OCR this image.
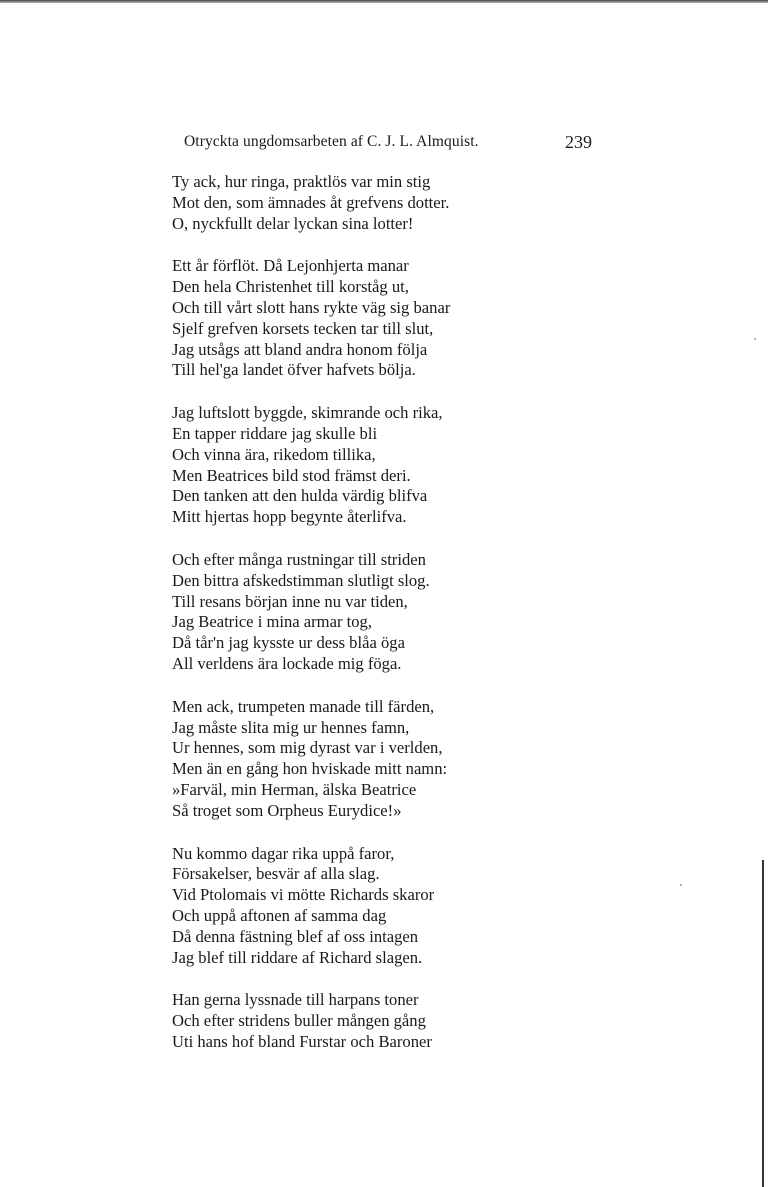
Otryckta ungdomsarbeten af C. J. L. Almquist.	239
Ty ack, hur ringa, praktlös var min stig
Mot den, som ämnades åt grefvens dotter.
O, nyckfullt delar lyckan sina lotter!
Ett år förflöt. Då Lejonhjerta manar
Den hela Christenhet till korståg ut,
Och till vårt slott hans rykte väg sig banar
Sjelf grefven korsets tecken tar till slut,
Jag utsågs att bland andra honom följa
Till hel'ga landet öfver hafvets bölja.
Jag luftslott byggde, skimrande och rika,
En tapper riddare jag skulle bli
Och vinna ära, rikedom tillika,
Men Beatrices bild stod främst deri.
Den tanken att den hulda värdig blifva
Mitt hjertas hopp begynte återlifva.
Och efter många rustningar till striden
Den bittra afskedstimman slutligt slog.
Till resans början inne nu var tiden,
Jag Beatrice i mina armar tog,
Då tår'n jag kysste ur dess blåa öga
All verldens ära lockade mig föga.
Men ack, trumpeten manade till färden,
Jag måste slita mig ur hennes famn,
Ur hennes, som mig dyrast var i verlden,
Men än en gång hon hviskade mitt namn:
»Farväl, min Herman, älska Beatrice
Så troget som Orpheus Eurydice!»
Nu kommo dagar rika uppå faror,
Försakelser, besvär af alla slag.
Vid Ptolomais vi mötte Richards skaror
Och uppå aftonen af samma dag
Då denna fästning blef af oss intagen
Jag blef till riddare af Richard slagen.
Han gerna lyssnade till harpans toner
Och efter stridens buller mången gång
Uti hans hof bland Furstar och Baroner
